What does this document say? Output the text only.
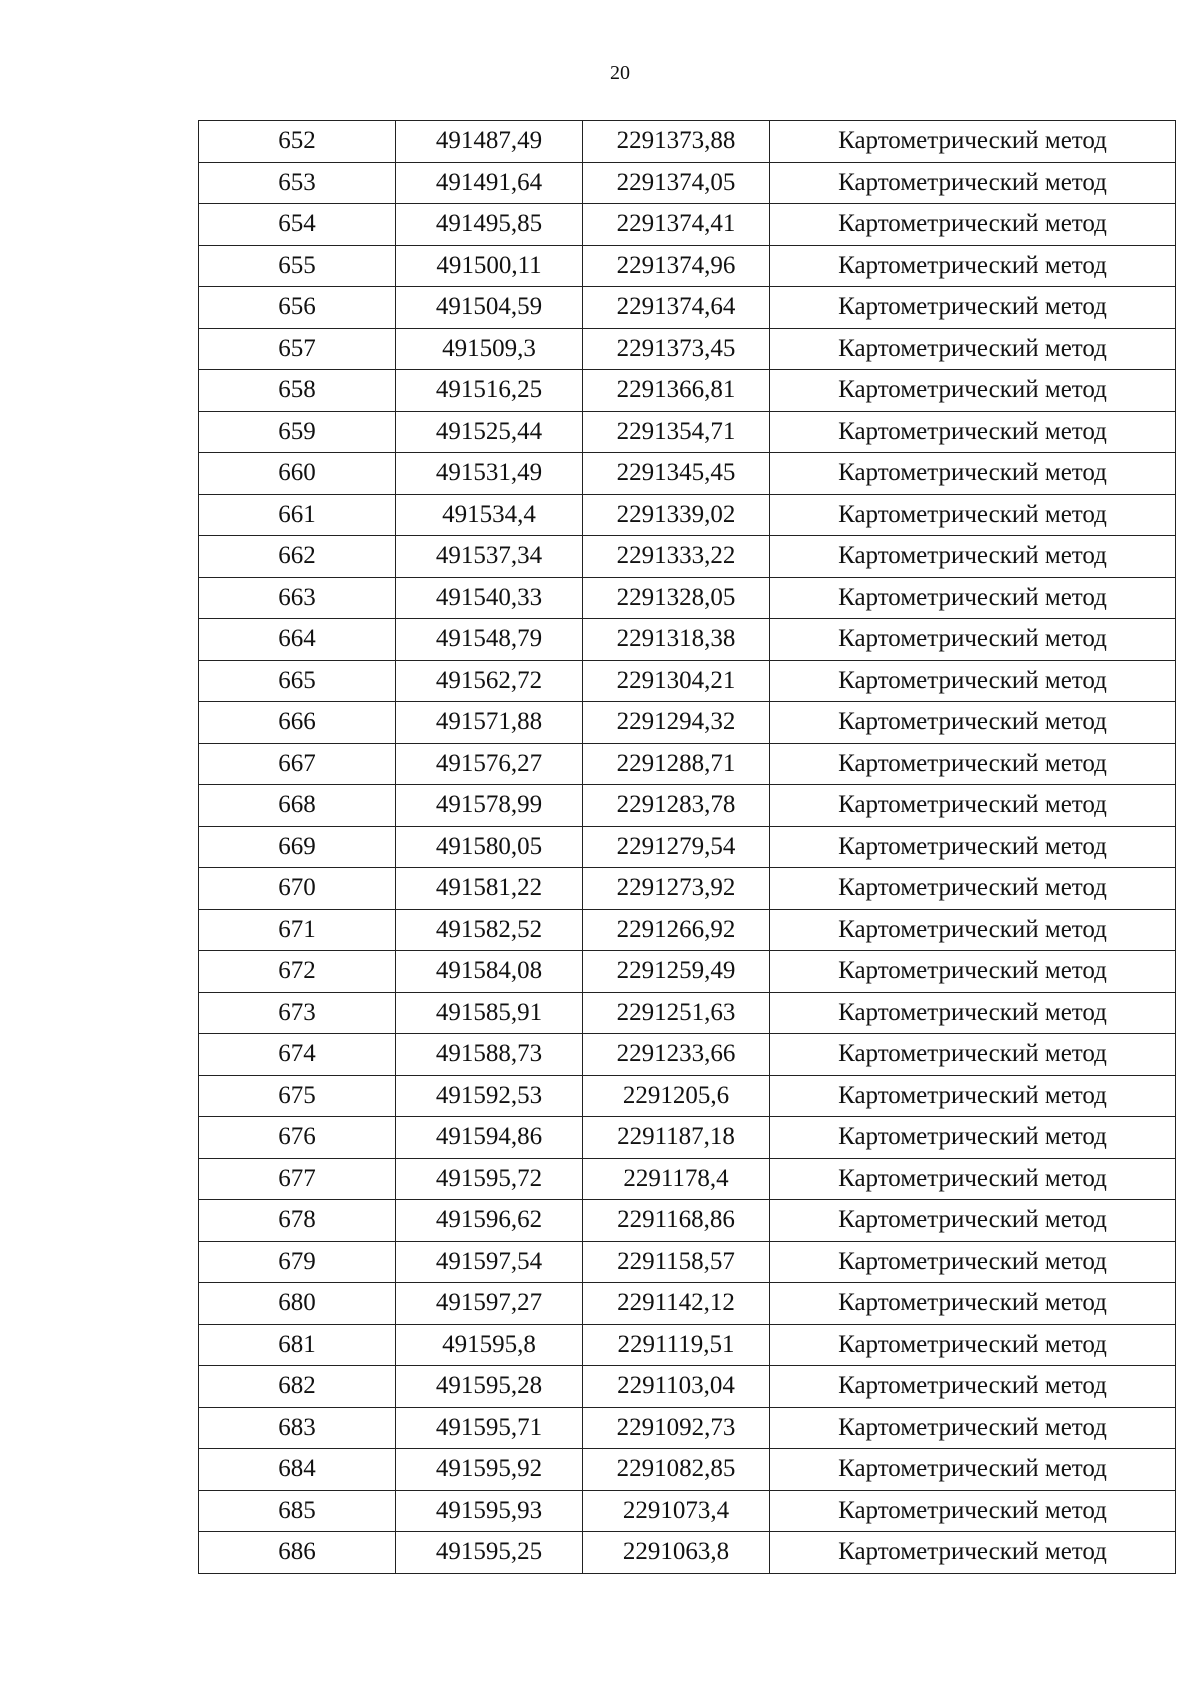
20
652	491487,49	2291373,88	Картометрический метод
653	491491,64	2291374,05	Картометрический метод
654	491495,85	2291374,41	Картометрический метод
655	491500,11	2291374,96	Картометрический метод
656	491504,59	2291374,64	Картометрический метод
657	491509,3	2291373,45	Картометрический метод
658	491516,25	2291366,81	Картометрический метод
659	491525,44	2291354,71	Картометрический метод
660	491531,49	2291345,45	Картометрический метод
661	491534,4	2291339,02	Картометрический метод
662	491537,34	2291333,22	Картометрический метод
663	491540,33	2291328,05	Картометрический метод
664	491548,79	2291318,38	Картометрический метод
665	491562,72	2291304,21	Картометрический метод
666	491571,88	2291294,32	Картометрический метод
667	491576,27	2291288,71	Картометрический метод
668	491578,99	2291283,78	Картометрический метод
669	491580,05	2291279,54	Картометрический метод
670	491581,22	2291273,92	Картометрический метод
671	491582,52	2291266,92	Картометрический метод
672	491584,08	2291259,49	Картометрический метод
673	491585,91	2291251,63	Картометрический метод
674	491588,73	2291233,66	Картометрический метод
675	491592,53	2291205,6	Картометрический метод
676	491594,86	2291187,18	Картометрический метод
677	491595,72	2291178,4	Картометрический метод
678	491596,62	2291168,86	Картометрический метод
679	491597,54	2291158,57	Картометрический метод
680	491597,27	2291142,12	Картометрический метод
681	491595,8	2291119,51	Картометрический метод
682	491595,28	2291103,04	Картометрический метод
683	491595,71	2291092,73	Картометрический метод
684	491595,92	2291082,85	Картометрический метод
685	491595,93	2291073,4	Картометрический метод
686	491595,25	2291063,8	Картометрический метод
